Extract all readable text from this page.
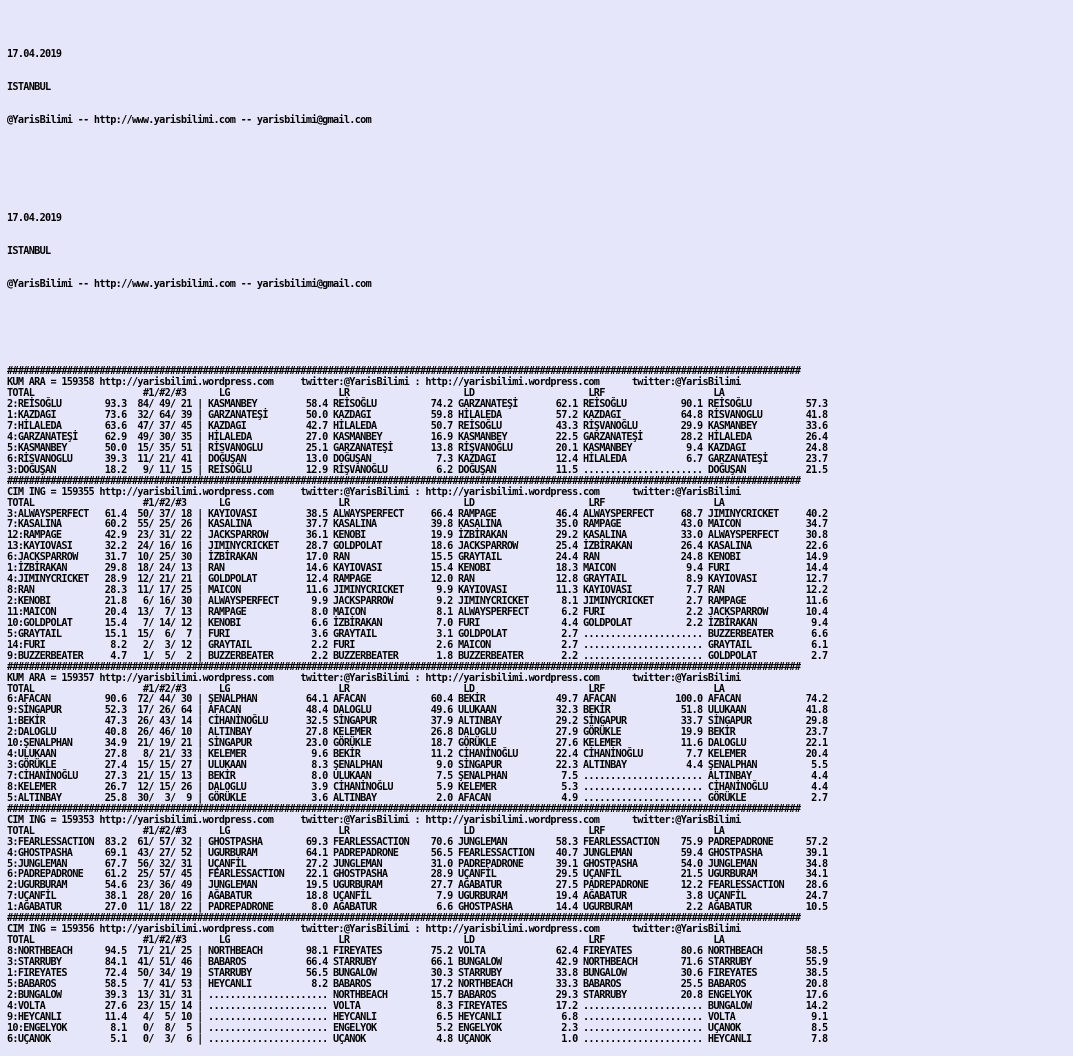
17.04.2019

ISTANBUL

@YarisBilimi -- http://www.yarisbilimi.com -- yarisbilimi@gmail.com

17.04.2019

ISTANBUL

@YarisBilimi -- http://www.yarisbilimi.com -- yarisbilimi@gmail.com

##################################################################################################################################################
KUM ARA = 159358 http://yarisbilimi.wordpress.com     twitter:@YarisBilimi : http://yarisbilimi.wordpress.com      twitter:@YarisBilimi
TOTAL                    #1/#2/#3      LG                    LR                     LD                     LRF                    LA
2:REİSOĞLU        93.3  84/ 49/ 21 | KASMANBEY         58.4 REİSOĞLU          74.2 GARZANATEŞİ       62.1 REİSOĞLU          90.1 REİSOĞLU          57.3
1:KAZDAGI         73.6  32/ 64/ 39 | GARZANATEŞİ       50.0 KAZDAGI           59.8 HİLALEDA          57.2 KAZDAGI           64.8 RİSVANOGLU        41.8
7:HİLALEDA        63.6  47/ 37/ 45 | KAZDAGI           42.7 HİLALEDA          50.7 REİSOĞLU          43.3 RİŞVANOĞLU        29.9 KASMANBEY         33.6
4:GARZANATEŞİ     62.9  49/ 30/ 35 | HİLALEDA          27.0 KASMANBEY         16.9 KASMANBEY         22.5 GARZANATEŞİ       28.2 HİLALEDA          26.4
5:KASMANBEY       50.0  15/ 35/ 51 | RİSVANOGLU        25.1 GARZANATEŞİ       13.8 RİŞVANOĞLU        20.1 KASMANBEY          9.4 KAZDAGI           24.8
6:RİSVANOGLU      39.3  11/ 21/ 41 | DOĞUŞAN           13.0 DOĞUŞAN            7.3 KAZDAGI           12.4 HİLALEDA           6.7 GARZANATEŞİ       23.7
3:DOĞUŞAN         18.2   9/ 11/ 15 | REİSOĞLU          12.9 RİŞVANOĞLU         6.2 DOĞUŞAN           11.5 ...................... DOĞUŞAN           21.5
##################################################################################################################################################
CIM ING = 159355 http://yarisbilimi.wordpress.com     twitter:@YarisBilimi : http://yarisbilimi.wordpress.com      twitter:@YarisBilimi
TOTAL                    #1/#2/#3      LG                    LR                     LD                     LRF                    LA
3:ALWAYSPERFECT   61.4  50/ 37/ 18 | KAYIOVASI         38.5 ALWAYSPERFECT     66.4 RAMPAGE           46.4 ALWAYSPERFECT     68.7 JIMINYCRICKET     40.2
7:KASALINA        60.2  55/ 25/ 26 | KASALINA          37.7 KASALINA          39.8 KASALINA          35.0 RAMPAGE           43.0 MAICON            34.7
12:RAMPAGE        42.9  23/ 31/ 22 | JACKSPARROW       36.1 KENOBI            19.9 İZBİRAKAN         29.2 KASALINA          33.0 ALWAYSPERFECT     30.8
13:KAYIOVASI      32.2  24/ 16/ 16 | JIMINYCRICKET     28.7 GOLDPOLAT         18.6 JACKSPARROW       25.4 İZBİRAKAN         26.4 KASALINA          22.6
6:JACKSPARROW     31.7  10/ 25/ 30 | İZBİRAKAN         17.0 RAN               15.5 GRAYTAIL          24.4 RAN               24.8 KENOBI            14.9
1:İZBİRAKAN       29.8  18/ 24/ 13 | RAN               14.6 KAYIOVASI         15.4 KENOBI            18.3 MAICON             9.4 FURI              14.4
4:JIMINYCRICKET   28.9  12/ 21/ 21 | GOLDPOLAT         12.4 RAMPAGE           12.0 RAN               12.8 GRAYTAIL           8.9 KAYIOVASI         12.7
8:RAN             28.3  11/ 17/ 25 | MAICON            11.6 JIMINYCRICKET      9.9 KAYIOVASI         11.3 KAYIOVASI          7.7 RAN               12.2
2:KENOBI          21.8   6/ 16/ 30 | ALWAYSPERFECT      9.9 JACKSPARROW        9.2 JIMINYCRICKET      8.1 JIMINYCRICKET      2.7 RAMPAGE           11.6
11:MAICON         20.4  13/  7/ 13 | RAMPAGE            8.0 MAICON             8.1 ALWAYSPERFECT      6.2 FURI               2.2 JACKSPARROW       10.4
10:GOLDPOLAT      15.4   7/ 14/ 12 | KENOBI             6.6 İZBİRAKAN          7.0 FURI               4.4 GOLDPOLAT          2.2 İZBİRAKAN          9.4
5:GRAYTAIL        15.1  15/  6/  7 | FURI               3.6 GRAYTAIL           3.1 GOLDPOLAT          2.7 ...................... BUZZERBEATER       6.6
14:FURI            8.2   2/  3/ 12 | GRAYTAIL           2.2 FURI               2.6 MAICON             2.7 ...................... GRAYTAIL           6.1
9:BUZZERBEATER     4.7   1/  5/  2 | BUZZERBEATER       2.2 BUZZERBEATER       1.8 BUZZERBEATER       2.2 ...................... GOLDPOLAT          2.7
##################################################################################################################################################
KUM ARA = 159357 http://yarisbilimi.wordpress.com     twitter:@YarisBilimi : http://yarisbilimi.wordpress.com      twitter:@YarisBilimi
TOTAL                    #1/#2/#3      LG                    LR                     LD                     LRF                    LA
6:AFACAN          90.6  72/ 44/ 30 | ŞENALPHAN         64.1 AFACAN            60.4 BEKİR             49.7 AFACAN           100.0 AFACAN            74.2
9:SİNGAPUR        52.3  17/ 26/ 64 | AFACAN            48.4 DALOGLU           49.6 ULUKAAN           32.3 BEKİR             51.8 ULUKAAN           41.8
1:BEKİR           47.3  26/ 43/ 14 | CİHANİNOĞLU       32.5 SİNGAPUR          37.9 ALTINBAY          29.2 SİNGAPUR          33.7 SİNGAPUR          29.8
2:DALOGLU         40.8  26/ 46/ 10 | ALTINBAY          27.8 KELEMER           26.8 DALOGLU           27.9 GÖRÜKLE           19.9 BEKİR             23.7
10:ŞENALPHAN      34.9  21/ 19/ 21 | SİNGAPUR          23.0 GÖRÜKLE           18.7 GÖRÜKLE           27.6 KELEMER           11.6 DALOGLU           22.1
4:ULUKAAN         27.8   8/ 21/ 33 | KELEMER            9.6 BEKİR             11.2 CİHANİNOĞLU       22.4 CİHANİNOĞLU        7.7 KELEMER           20.4
3:GÖRÜKLE         27.4  15/ 15/ 27 | ULUKAAN            8.3 ŞENALPHAN          9.0 SİNGAPUR          22.3 ALTINBAY           4.4 ŞENALPHAN          5.5
7:CİHANİNOĞLU     27.3  21/ 15/ 13 | BEKİR              8.0 ULUKAAN            7.5 ŞENALPHAN          7.5 ...................... ALTINBAY           4.4
8:KELEMER         26.7  12/ 15/ 26 | DALOGLU            3.9 CİHANİNOĞLU        5.9 KELEMER            5.3 ...................... CİHANİNOĞLU        4.4
5:ALTINBAY        25.8  30/  3/  9 | GÖRÜKLE            3.6 ALTINBAY           2.0 AFACAN             4.9 ...................... GÖRÜKLE            2.7
##################################################################################################################################################
CIM ING = 159353 http://yarisbilimi.wordpress.com     twitter:@YarisBilimi : http://yarisbilimi.wordpress.com      twitter:@YarisBilimi
TOTAL                    #1/#2/#3      LG                    LR                     LD                     LRF                    LA
3:FEARLESSACTION  83.2  61/ 57/ 32 | GHOSTPASHA        69.3 FEARLESSACTION    70.6 JUNGLEMAN         58.3 FEARLESSACTION    75.9 PADREPADRONE      57.2
4:GHOSTPASHA      69.1  43/ 27/ 52 | UGURBURAM         64.1 PADREPADRONE      56.5 FEARLESSACTION    40.7 JUNGLEMAN         59.4 GHOSTPASHA        39.1
5:JUNGLEMAN       67.7  56/ 32/ 31 | UÇANFİL           27.2 JUNGLEMAN         31.0 PADREPADRONE      39.1 GHOSTPASHA        54.0 JUNGLEMAN         34.8
6:PADREPADRONE    61.2  25/ 57/ 45 | FEARLESSACTION    22.1 GHOSTPASHA        28.9 UÇANFİL           29.5 UÇANFİL           21.5 UGURBURAM         34.1
2:UGURBURAM       54.6  23/ 36/ 49 | JUNGLEMAN         19.5 UGURBURAM         27.7 AĞABATUR          27.5 PADREPADRONE      12.2 FEARLESSACTION    28.6
7:UÇANFİL         38.1  28/ 20/ 16 | AĞABATUR          18.8 UÇANFİL            7.9 UGURBURAM         19.4 AĞABATUR           3.8 UÇANFİL           24.7
1:AĞABATUR        27.0  11/ 18/ 22 | PADREPADRONE       8.0 AĞABATUR           6.6 GHOSTPASHA        14.4 UGURBURAM          2.2 AĞABATUR          10.5
##################################################################################################################################################
CIM ING = 159356 http://yarisbilimi.wordpress.com     twitter:@YarisBilimi : http://yarisbilimi.wordpress.com      twitter:@YarisBilimi
TOTAL                    #1/#2/#3      LG                    LR                     LD                     LRF                    LA
8:NORTHBEACH      94.5  71/ 21/ 25 | NORTHBEACH        98.1 FIREYATES         75.2 VOLTA             62.4 FIREYATES         80.6 NORTHBEACH        58.5
3:STARRUBY        84.1  41/ 51/ 46 | BABAROS           66.4 STARRUBY          66.1 BUNGALOW          42.9 NORTHBEACH        71.6 STARRUBY          55.9
1:FIREYATES       72.4  50/ 34/ 19 | STARRUBY          56.5 BUNGALOW          30.3 STARRUBY          33.8 BUNGALOW          30.6 FIREYATES         38.5
5:BABAROS         58.5   7/ 41/ 53 | HEYCANLI           8.2 BABAROS           17.2 NORTHBEACH        33.3 BABAROS           25.5 BABAROS           20.8
2:BUNGALOW        39.3  13/ 31/ 31 | ...................... NORTHBEACH        15.7 BABAROS           29.3 STARRUBY          20.8 ENGELYOK          17.6
4:VOLTA           27.6  23/ 15/ 14 | ...................... VOLTA              8.3 FIREYATES         17.2 ...................... BUNGALOW          14.2
9:HEYCANLI        11.4   4/  5/ 10 | ...................... HEYCANLI           6.5 HEYCANLI           6.8 ...................... VOLTA              9.1
10:ENGELYOK        8.1   0/  8/  5 | ...................... ENGELYOK           5.2 ENGELYOK           2.3 ...................... UÇANOK             8.5
6:UÇANOK           5.1   0/  3/  6 | ...................... UÇANOK             4.8 UÇANOK             1.0 ...................... HEYCANLI           7.8
